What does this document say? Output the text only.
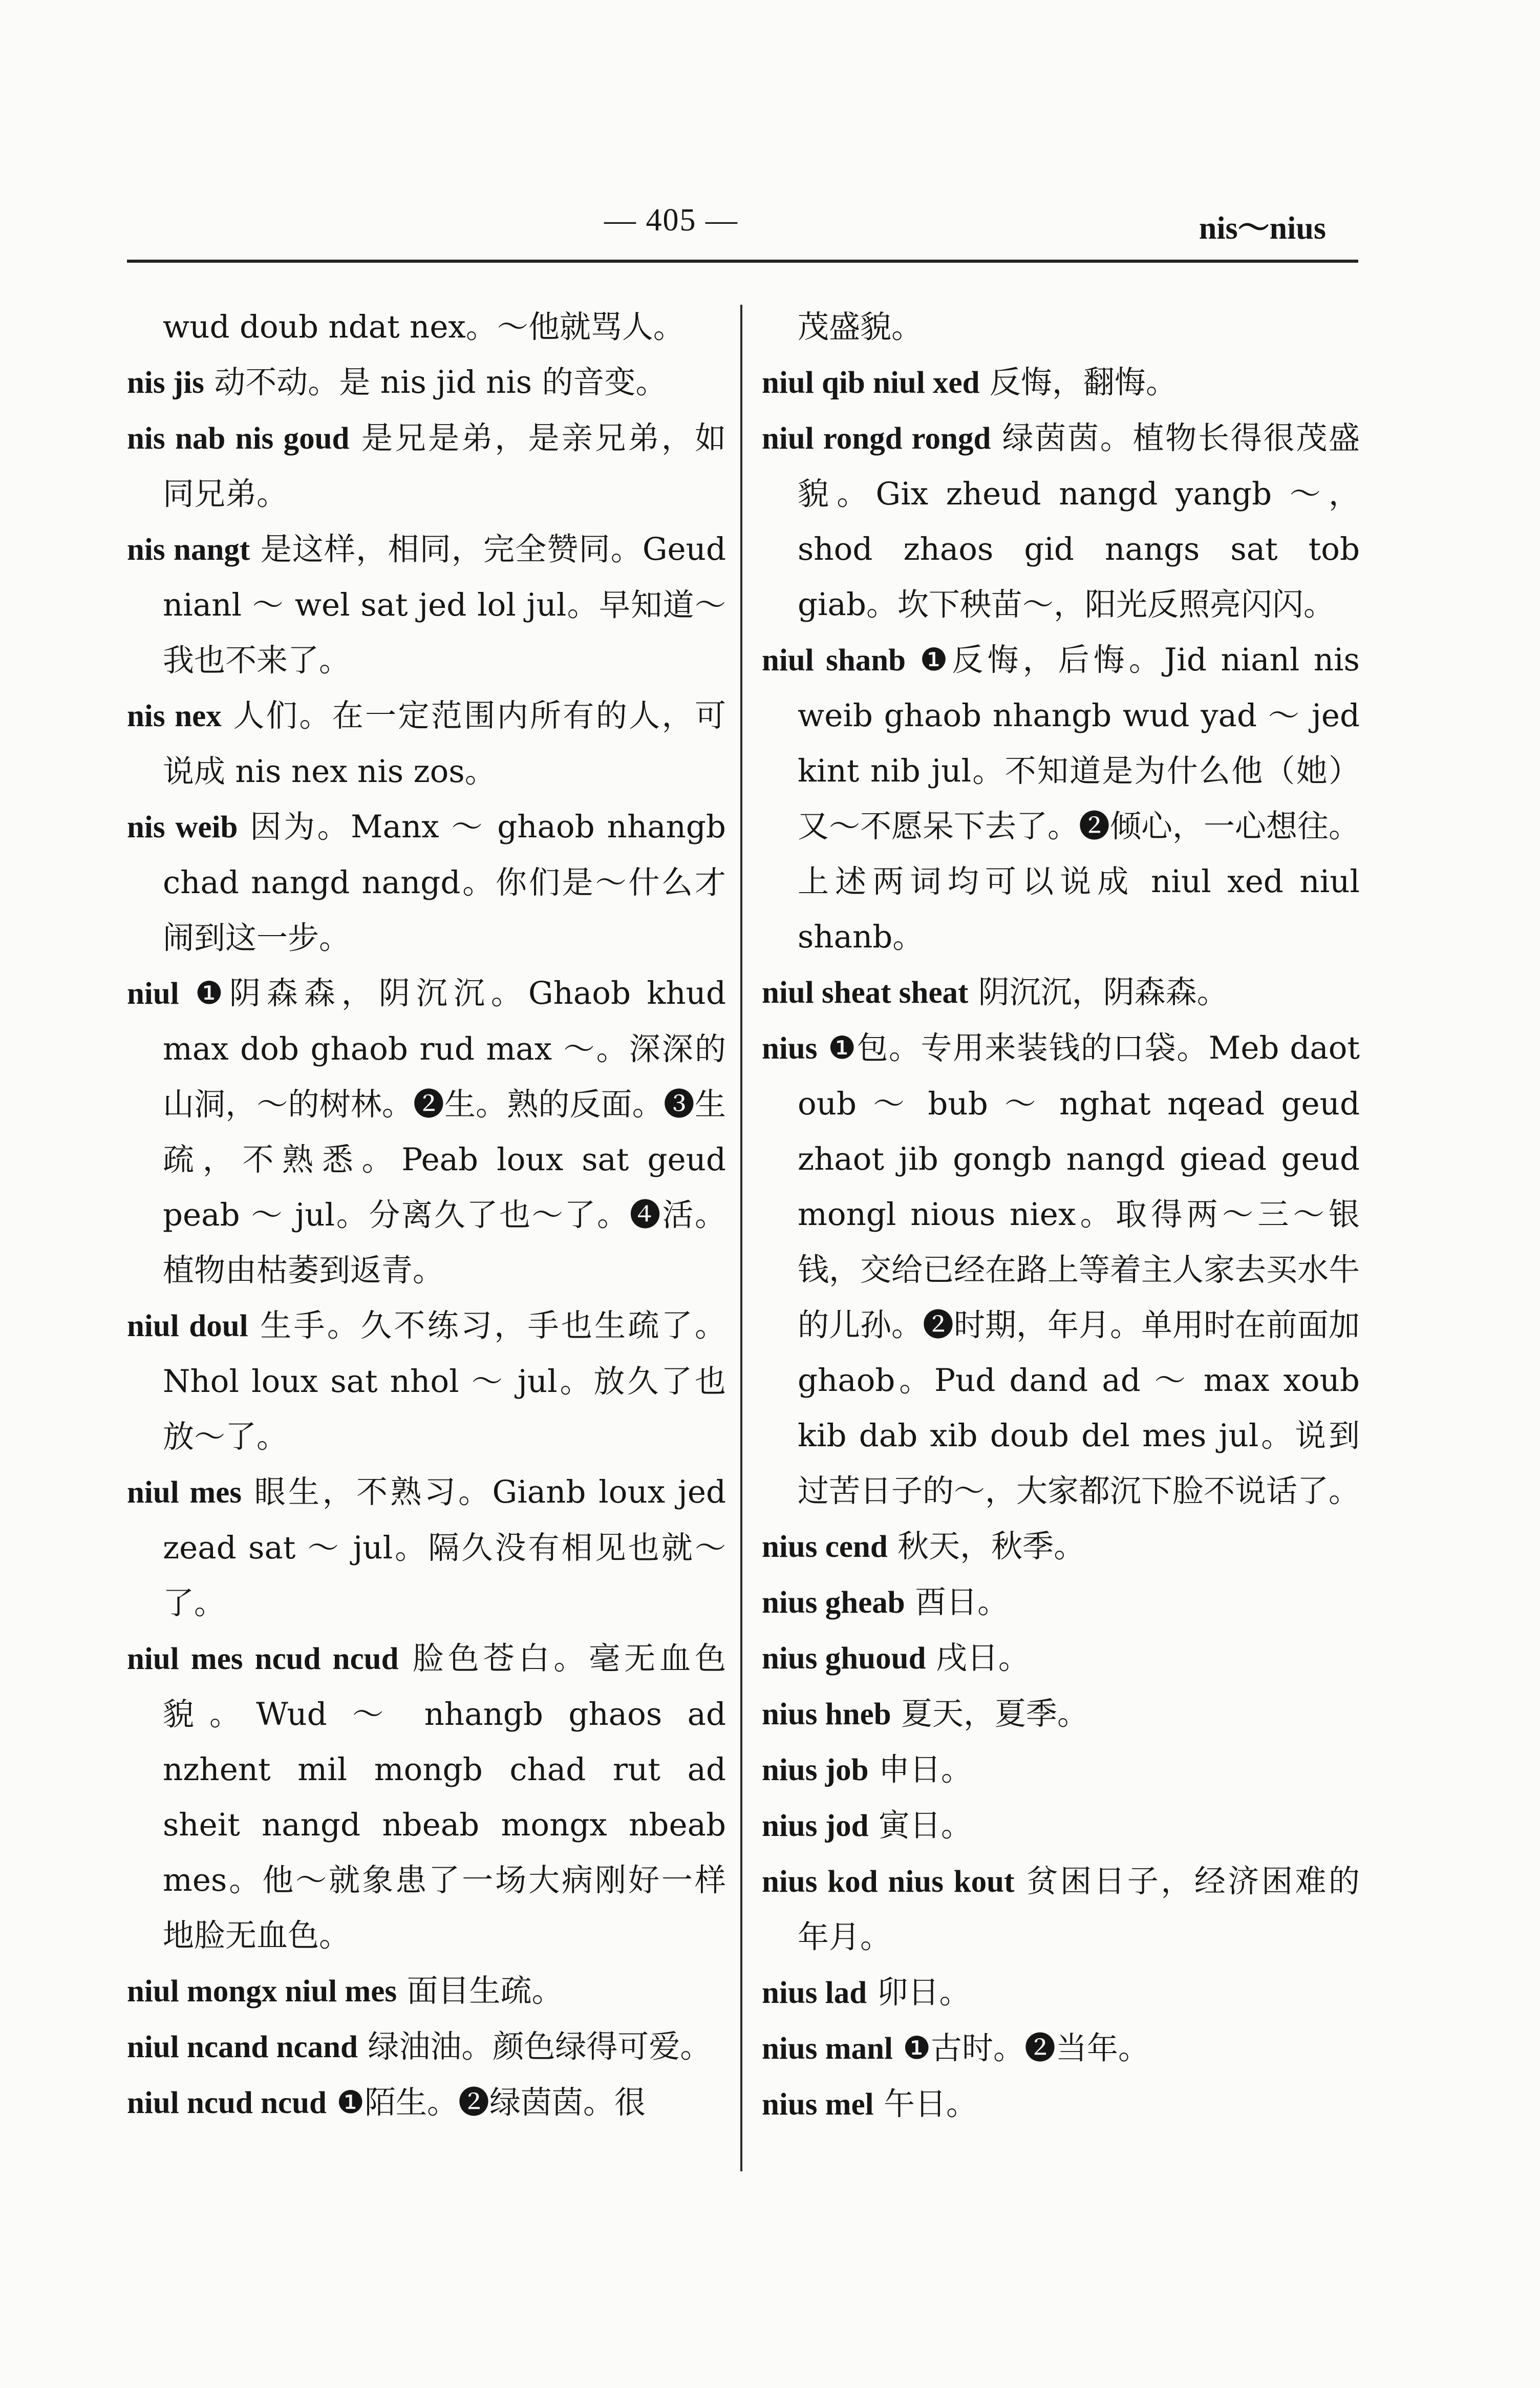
— 405 —	nis～nius
wud doub ndat nex。～他就骂人。
nis jis 动不动。是 nis jid nis 的音变。
nis nab nis goud 是兄是弟，是亲兄弟，如同兄弟。
nis nangt 是这样，相同，完全赞同。Geud nianl ～ wel sat jed lol jul。早知道～我也不来了。
nis nex 人们。在一定范围内所有的人，可说成 nis nex nis zos。
nis weib 因为。Manx ～ ghaob nhangb chad nangd nangd。你们是～什么才闹到这一步。
niul ❶阴森森，阴沉沉。Ghaob khud max dob ghaob rud max ～。深深的山洞，～的树林。❷生。熟的反面。❸生疏，不熟悉。Peab loux sat geud peab ～ jul。分离久了也～了。❹活。植物由枯萎到返青。
niul doul 生手。久不练习，手也生疏了。Nhol loux sat nhol ～ jul。放久了也放～了。
niul mes 眼生，不熟习。Gianb loux jed zead sat ～ jul。隔久没有相见也就～了。
niul mes ncud ncud 脸色苍白。毫无血色貌。Wud ～ nhangb ghaos ad nzhent mil mongb chad rut ad sheit nangd nbeab mongx nbeab mes。他～就象患了一场大病刚好一样地脸无血色。
niul mongx niul mes 面目生疏。
niul ncand ncand 绿油油。颜色绿得可爱。
niul ncud ncud ❶陌生。❷绿茵茵。很
茂盛貌。
niul qib niul xed 反悔，翻悔。
niul rongd rongd 绿茵茵。植物长得很茂盛貌。Gix zheud nangd yangb ～，shod zhaos gid nangs sat tob giab。坎下秧苗～，阳光反照亮闪闪。
niul shanb ❶反悔，后悔。Jid nianl nis weib ghaob nhangb wud yad ～ jed kint nib jul。不知道是为什么他（她）又～不愿呆下去了。❷倾心，一心想往。上述两词均可以说成 niul xed niul shanb。
niul sheat sheat 阴沉沉，阴森森。
nius ❶包。专用来装钱的口袋。Meb daot oub ～ bub ～ nghat nqead geud zhaot jib gongb nangd giead geud mongl nious niex。取得两～三～银钱，交给已经在路上等着主人家去买水牛的儿孙。❷时期，年月。单用时在前面加 ghaob。Pud dand ad ～ max xoub kib dab xib doub del mes jul。说到过苦日子的～，大家都沉下脸不说话了。
nius cend 秋天，秋季。
nius gheab 酉日。
nius ghuoud 戌日。
nius hneb 夏天，夏季。
nius job 申日。
nius jod 寅日。
nius kod nius kout 贫困日子，经济困难的年月。
nius lad 卯日。
nius manl ❶古时。❷当年。
nius mel 午日。
